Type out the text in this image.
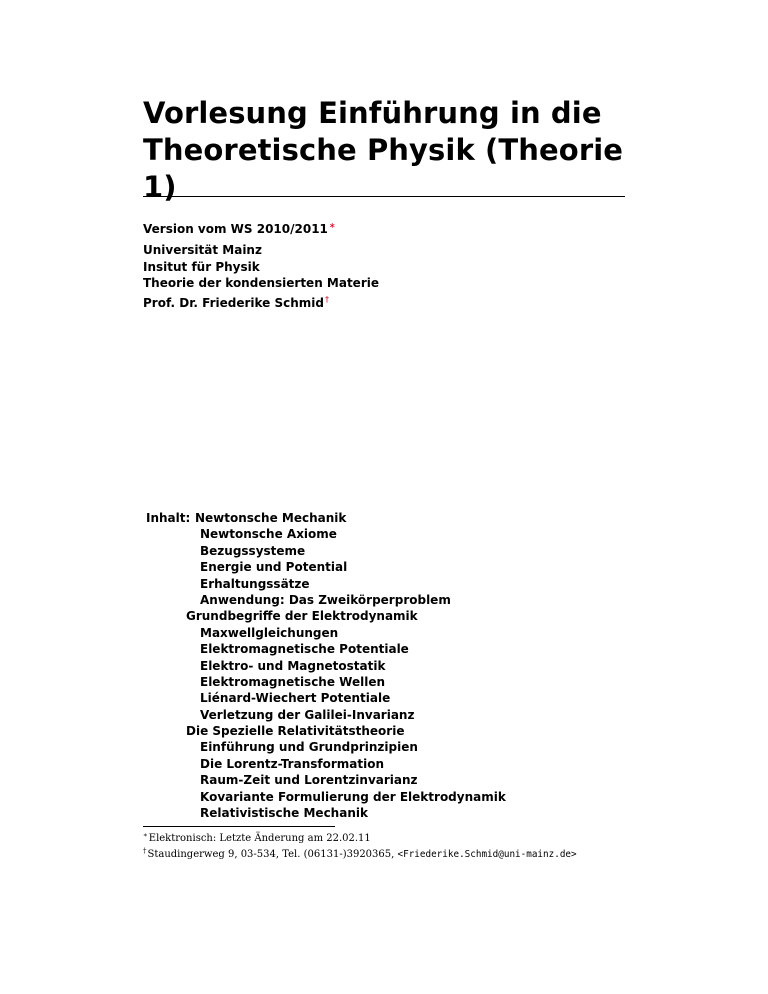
Vorlesung Einführung in die
Theoretische Physik (Theorie 1)
Version vom WS 2010/2011∗
Universität Mainz
Insitut für Physik
Theorie der kondensierten Materie
Prof. Dr. Friederike Schmid†
Inhalt: Newtonsche Mechanik
Newtonsche Axiome
Bezugssysteme
Energie und Potential
Erhaltungssätze
Anwendung: Das Zweikörperproblem
Grundbegriffe der Elektrodynamik
Maxwellgleichungen
Elektromagnetische Potentiale
Elektro- und Magnetostatik
Elektromagnetische Wellen
Liénard-Wiechert Potentiale
Verletzung der Galilei-Invarianz
Die Spezielle Relativitätstheorie
Einführung und Grundprinzipien
Die Lorentz-Transformation
Raum-Zeit und Lorentzinvarianz
Kovariante Formulierung der Elektrodynamik
Relativistische Mechanik
∗Elektronisch: Letzte Änderung am 22.02.11
†Staudingerweg 9, 03-534, Tel. (06131-)3920365, <Friederike.Schmid@uni-mainz.de>
